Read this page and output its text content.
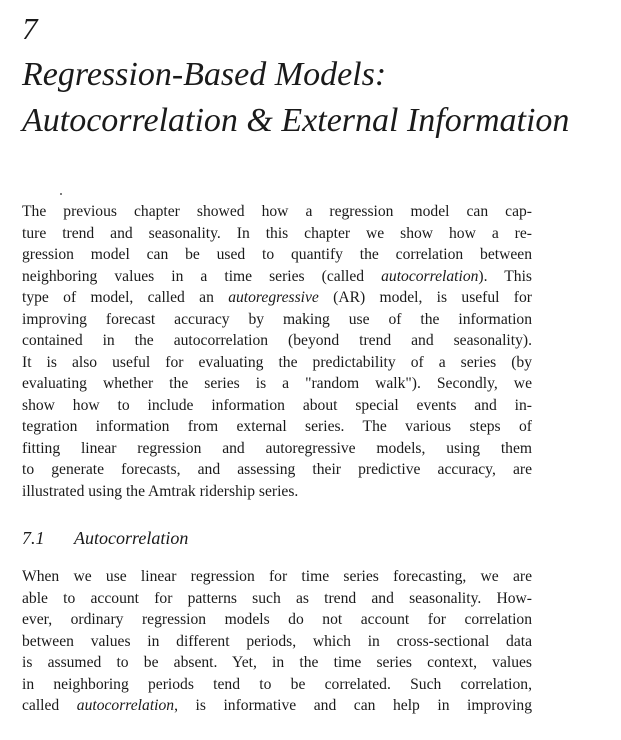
7
Regression-Based Models:
Autocorrelation & External Information

The previous chapter showed how a regression model can cap-
ture trend and seasonality. In this chapter we show how a re-
gression model can be used to quantify the correlation between
neighboring values in a time series (called autocorrelation). This
type of model, called an autoregressive (AR) model, is useful for
improving forecast accuracy by making use of the information
contained in the autocorrelation (beyond trend and seasonality).
It is also useful for evaluating the predictability of a series (by
evaluating whether the series is a "random walk"). Secondly, we
show how to include information about special events and in-
tegration information from external series. The various steps of
fitting linear regression and autoregressive models, using them
to generate forecasts, and assessing their predictive accuracy, are
illustrated using the Amtrak ridership series.

7.1 Autocorrelation

When we use linear regression for time series forecasting, we are
able to account for patterns such as trend and seasonality. How-
ever, ordinary regression models do not account for correlation
between values in different periods, which in cross-sectional data
is assumed to be absent. Yet, in the time series context, values
in neighboring periods tend to be correlated. Such correlation,
called autocorrelation, is informative and can help in improving
